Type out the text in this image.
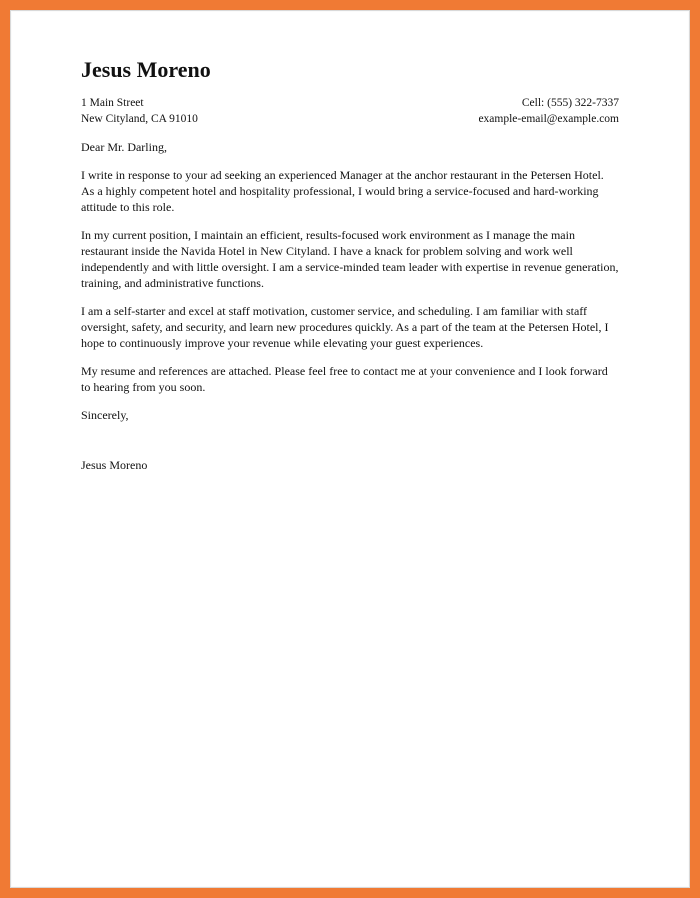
Jesus Moreno
1 Main Street
New Cityland, CA 91010
Cell: (555) 322-7337
example-email@example.com
Dear Mr. Darling,
I write in response to your ad seeking an experienced Manager at the anchor restaurant in the Petersen Hotel. As a highly competent hotel and hospitality professional, I would bring a service-focused and hard-working attitude to this role.
In my current position, I maintain an efficient, results-focused work environment as I manage the main restaurant inside the Navida Hotel in New Cityland. I have a knack for problem solving and work well independently and with little oversight. I am a service-minded team leader with expertise in revenue generation, training, and administrative functions.
I am a self-starter and excel at staff motivation, customer service, and scheduling. I am familiar with staff oversight, safety, and security, and learn new procedures quickly. As a part of the team at the Petersen Hotel, I hope to continuously improve your revenue while elevating your guest experiences.
My resume and references are attached. Please feel free to contact me at your convenience and I look forward to hearing from you soon.
Sincerely,
Jesus Moreno
